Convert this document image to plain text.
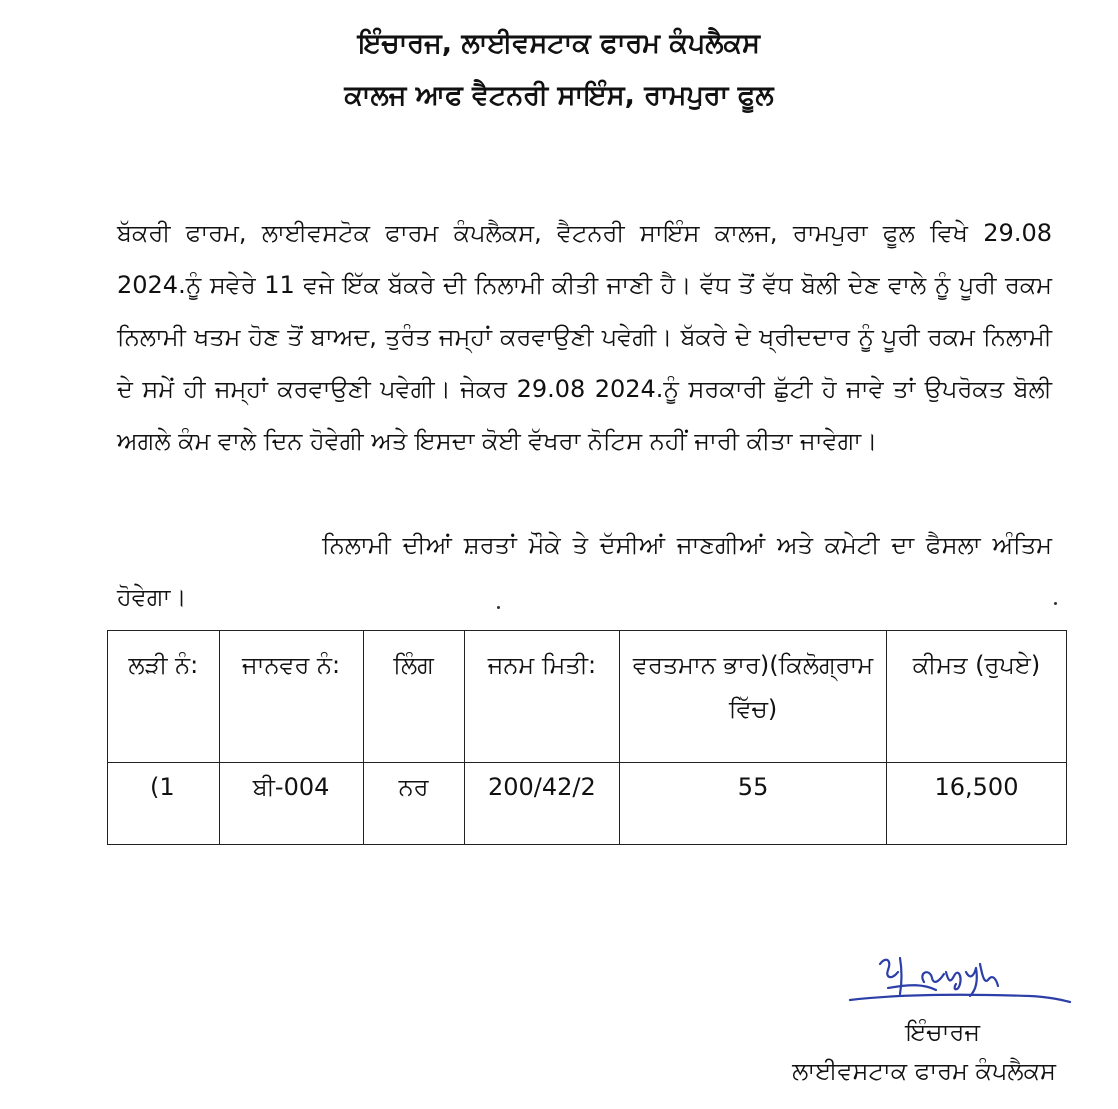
ਇੰਚਾਰਜ, ਲਾਈਵਸਟਾਕ ਫਾਰਮ ਕੰਪਲੈਕਸ
ਕਾਲਜ ਆਫ ਵੈਟਨਰੀ ਸਾਇੰਸ, ਰਾਮਪੁਰਾ ਫੂਲ
ਬੱਕਰੀ ਫਾਰਮ, ਲਾਈਵਸਟੋਕ ਫਾਰਮ ਕੰਪਲੈਕਸ, ਵੈਟਨਰੀ ਸਾਇੰਸ ਕਾਲਜ, ਰਾਮਪੁਰਾ ਫੂਲ ਵਿਖੇ 29.08 2024.ਨੂੰ ਸਵੇਰੇ 11 ਵਜੇ ਇੱਕ ਬੱਕਰੇ ਦੀ ਨਿਲਾਮੀ ਕੀਤੀ ਜਾਣੀ ਹੈ। ਵੱਧ ਤੋਂ ਵੱਧ ਬੋਲੀ ਦੇਣ ਵਾਲੇ ਨੂੰ ਪੂਰੀ ਰਕਮ ਨਿਲਾਮੀ ਖਤਮ ਹੋਣ ਤੋਂ ਬਾਅਦ, ਤੁਰੰਤ ਜਮ੍ਹਾਂ ਕਰਵਾਉਣੀ ਪਵੇਗੀ। ਬੱਕਰੇ ਦੇ ਖ੍ਰੀਦਦਾਰ ਨੂੰ ਪੂਰੀ ਰਕਮ ਨਿਲਾਮੀ ਦੇ ਸਮੇਂ ਹੀ ਜਮ੍ਹਾਂ ਕਰਵਾਉਣੀ ਪਵੇਗੀ। ਜੇਕਰ 29.08 2024.ਨੂੰ ਸਰਕਾਰੀ ਛੁੱਟੀ ਹੋ ਜਾਵੇ ਤਾਂ ਉਪਰੋਕਤ ਬੋਲੀ ਅਗਲੇ ਕੰਮ ਵਾਲੇ ਦਿਨ ਹੋਵੇਗੀ ਅਤੇ ਇਸਦਾ ਕੋਈ ਵੱਖਰਾ ਨੋਟਿਸ ਨਹੀਂ ਜਾਰੀ ਕੀਤਾ ਜਾਵੇਗਾ।
ਨਿਲਾਮੀ ਦੀਆਂ ਸ਼ਰਤਾਂ ਮੌਕੇ ਤੇ ਦੱਸੀਆਂ ਜਾਣਗੀਆਂ ਅਤੇ ਕਮੇਟੀ ਦਾ ਫੈਸਲਾ ਅੰਤਿਮ ਹੋਵੇਗਾ।
ਲੜੀ ਨੰ:	ਜਾਨਵਰ ਨੰ:	ਲਿੰਗ	ਜਨਮ ਮਿਤੀ:	ਵਰਤਮਾਨ ਭਾਰ)(ਕਿਲੋਗ੍ਰਾਮ ਵਿੱਚ)	ਕੀਮਤ (ਰੁਪਏ)
(1	ਬੀ-004	ਨਰ	200/42/2	55	16,500
ਇੰਚਾਰਜ
ਲਾਈਵਸਟਾਕ ਫਾਰਮ ਕੰਪਲੈਕਸ
